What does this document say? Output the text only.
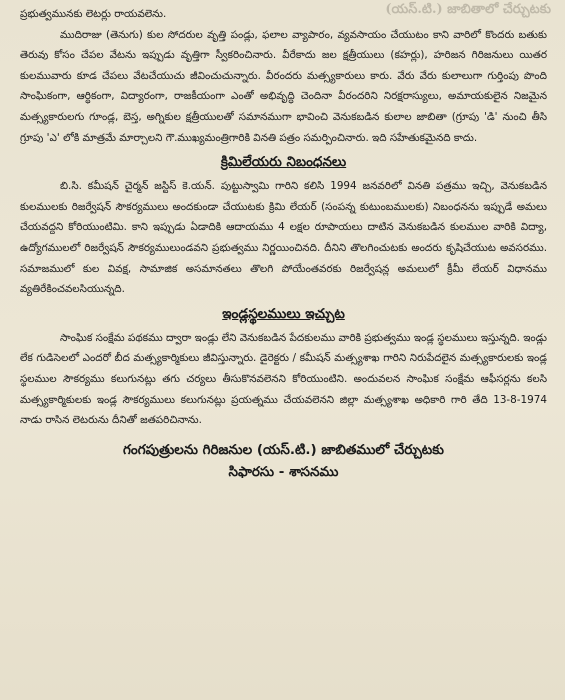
(యస్.టి.) జాబితాలో చేర్చుటకు

ప్రభుత్వమునకు లెటర్లు రాయవలెను.

ముదిరాజు (తెనుగు) కుల సోదరుల వృత్తి పండ్లు, ఫలాల వ్యాపారం, వ్యవసాయం చేయుటం కాని వారిలో కొందరు బతుకు తెరువు కోసం చేపల వేటను ఇప్పుడు వృత్తిగా స్వీకరించినారు. వీరేకాదు జల క్షత్రీయులు (కహర్లు), హరిజన గిరిజనులు యితర కులమువారు కూడ చేపలు వేటచేయుచు జీవించుచున్నారు. వీరందరు మత్స్యకారులు కారు. వేరు వేరు కులాలుగా గుర్తింపు పొంది సాంఘికంగా, ఆర్థికంగా, విద్యారంగా, రాజకీయంగా ఎంతో అభివృద్ధి చెందినా వీరందరిని నిరక్షరాస్యులు, అమాయకులైన నిజమైన మత్స్యకారులగు గూండ్ల, బెస్త, అగ్నికుల క్షత్రీయులతో సమానముగా భావించి వెనుకబడిన కులాల జాబితా (గ్రూపు 'డి' నుంచి తీసి గ్రూపు 'ఎ' లోకి మాత్రమే మార్చాలని గౌ.ముఖ్యమంత్రిగారికి వినతి పత్రం సమర్పించినారు. ఇది సహేతుకమైనది కాదు.

క్రిమిలేయరు నిబంధనలు

బి.సి. కమీషన్ చైర్మన్ జస్టిస్ కె.యన్. పుట్టుస్వామి గారిని కలిసి 1994 జనవరిలో వినతి పత్రము ఇచ్చి, వెనుకబడిన కులములకు రిజర్వేషన్ సౌకర్యములు అందకుండా చేయుటకు క్రిమి లేయర్ (సంపన్న కుటుంబములకు) నిబంధనను ఇప్పుడే అమలు చేయవద్దని కోరియుంటిమి. కాని ఇప్పుడు ఏడాదికి ఆదాయము 4 లక్షల రూపాయలు దాటిన వెనుకబడిన కులముల వారికి విద్యా, ఉద్యోగములలో రిజర్వేషన్ సౌకర్యములుండవని ప్రభుత్వము నిర్ణయించినది. దీనిని తొలగించుటకు అందరు కృషిచేయుట అవసరము. సమాజములో కుల వివక్ష, సామాజిక అసమానతలు తొలగి పోయేంతవరకు రిజర్వేషన్ల అమలులో క్రీమీ లేయర్ విధానము వ్యతిరేకించవలసియున్నది.

ఇండ్లస్థలములు ఇచ్చుట

సాంఘిక సంక్షేమ పథకము ద్వారా ఇండ్లు లేని వెనుకబడిన పేదకులము వారికి ప్రభుత్వము ఇండ్ల స్థలములు ఇస్తున్నది. ఇండ్లు లేక గుడిసెలలో ఎందరో బీద మత్స్యకార్మికులు జీవిస్తున్నారు. డైరెక్టరు / కమీషన్ మత్స్యశాఖ గారిని నిరుపేదలైన మత్స్యకారులకు ఇండ్ల స్థలముల సౌకర్యము కలుగునట్లు తగు చర్యలు తీసుకొనవలెనని కోరియుంటిని. అందువలన సాంఘిక సంక్షేమ ఆఫీసర్లను కలసి మత్స్యకార్మికులకు ఇండ్ల సౌకర్యములు కలుగునట్లు ప్రయత్నము చేయవలెనని జిల్లా మత్స్యశాఖ అధికారి గారి తేది 13-8-1974 నాడు రాసిన లెటరును దీనితో జతపరిచినాను.

గంగపుత్రులను గిరిజనుల (యస్.టి.) జాబితములో చేర్చుటకు
సిఫారసు - శాసనము
